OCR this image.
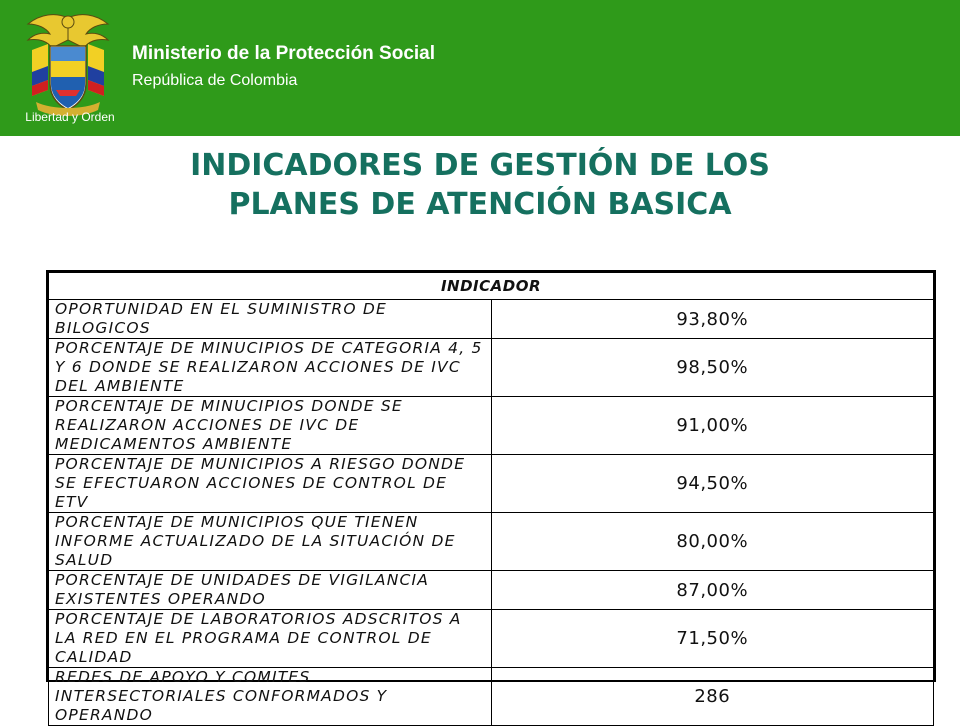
Libertad y Orden
Ministerio de la Protección Social
República de Colombia
INDICADORES DE GESTIÓN DE LOS
PLANES DE ATENCIÓN BASICA
INDICADOR	
OPORTUNIDAD EN EL SUMINISTRO DE BILOGICOS	93,80%
PORCENTAJE DE MINUCIPIOS DE CATEGORIA 4, 5 Y 6 DONDE SE REALIZARON ACCIONES DE IVC DEL AMBIENTE	98,50%
PORCENTAJE DE MINUCIPIOS DONDE SE REALIZARON ACCIONES DE IVC DE MEDICAMENTOS AMBIENTE	91,00%
PORCENTAJE DE MUNICIPIOS A RIESGO DONDE SE EFECTUARON ACCIONES DE CONTROL DE ETV	94,50%
PORCENTAJE DE MUNICIPIOS QUE TIENEN INFORME ACTUALIZADO DE LA SITUACIÓN DE SALUD	80,00%
PORCENTAJE DE UNIDADES DE VIGILANCIA EXISTENTES OPERANDO	87,00%
PORCENTAJE DE LABORATORIOS ADSCRITOS A LA RED EN EL PROGRAMA DE CONTROL DE CALIDAD	71,50%
REDES DE APOYO Y COMITES INTERSECTORIALES CONFORMADOS Y OPERANDO	286
